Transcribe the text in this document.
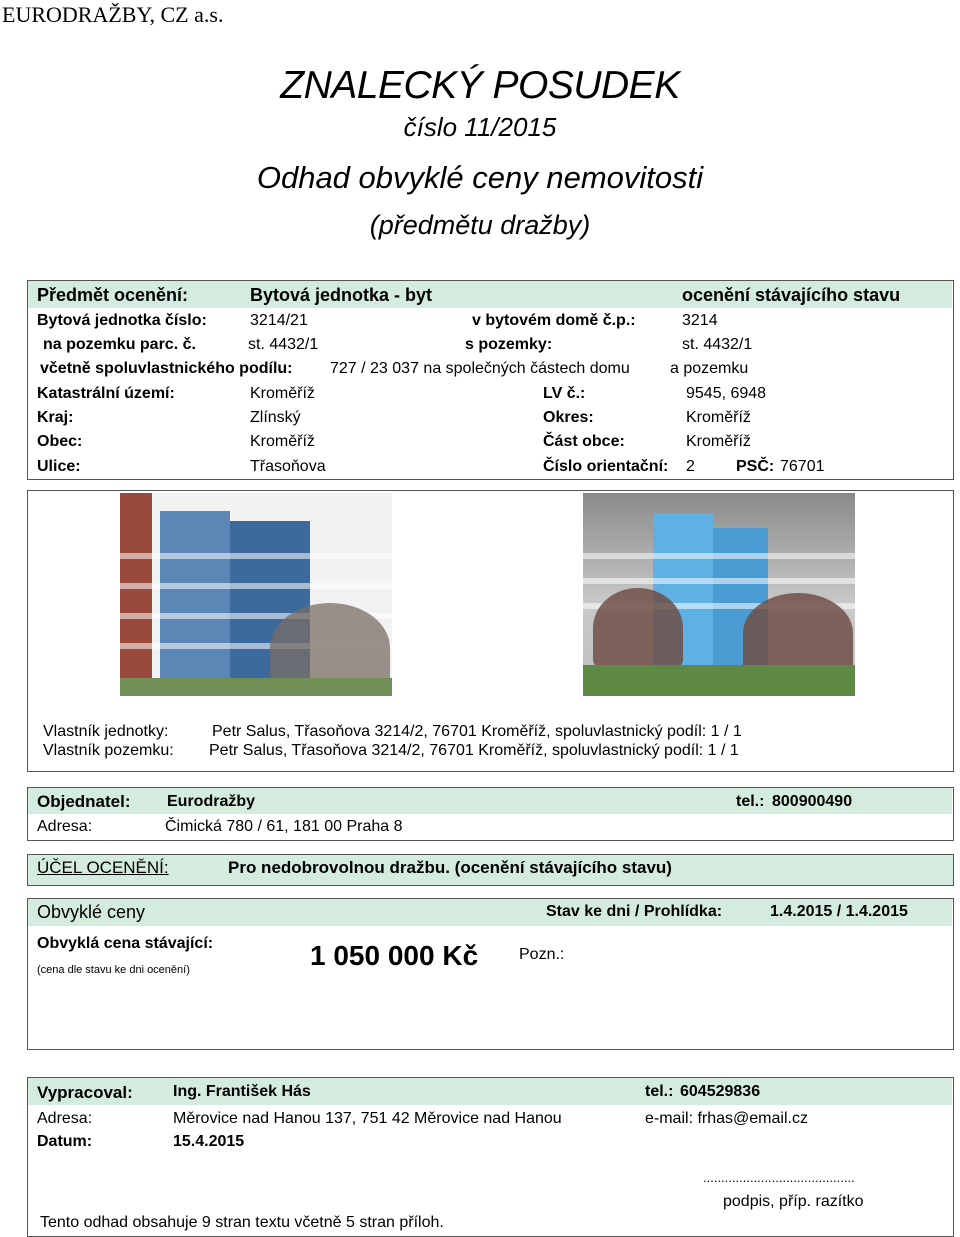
EURODRAŽBY, CZ a.s.
ZNALECKÝ POSUDEK
číslo 11/2015
Odhad obvyklé ceny nemovitosti
(předmětu dražby)
Předmět ocenění:	Bytová jednotka - byt	ocenění stávajícího stavu
Bytová jednotka číslo:	3214/21	v bytovém domě č.p.:	3214
na pozemku parc. č.	st. 4432/1	s pozemky:	st. 4432/1
včetně spoluvlastnického podílu: 727 / 23 037 na společných částech domu	a pozemku
Katastrální území:	Kroměříž	LV č.:	9545, 6948
Kraj:	Zlínský	Okres:	Kroměříž
Obec:	Kroměříž	Část obce:	Kroměříž
Ulice:	Třasoňova	Číslo orientační: 2	PSČ: 76701
Vlastník jednotky:	Petr Salus, Třasoňova 3214/2, 76701 Kroměříž, spoluvlastnický podíl: 1 / 1
Vlastník pozemku: Petr Salus, Třasoňova 3214/2, 76701 Kroměříž, spoluvlastnický podíl: 1 / 1
Objednatel: Eurodražby	tel.: 800900490
Adresa:	Čimická 780 / 61, 181 00 Praha 8
ÚČEL OCENĚNÍ:	Pro nedobrovolnou dražbu. (ocenění stávajícího stavu)
Obvyklé ceny	Stav ke dni / Prohlídka:	1.4.2015 / 1.4.2015
Obvyklá cena stávající:
(cena dle stavu ke dni ocenění)	1 050 000 Kč	Pozn.:
Vypracoval:	Ing. František Hás	tel.: 604529836
Adresa:	Měrovice nad Hanou 137, 751 42 Měrovice nad Hanou	e-mail: frhas@email.cz
Datum:	15.4.2015
..........................................
podpis, příp. razítko
Tento odhad obsahuje 9 stran textu včetně 5 stran příloh.
